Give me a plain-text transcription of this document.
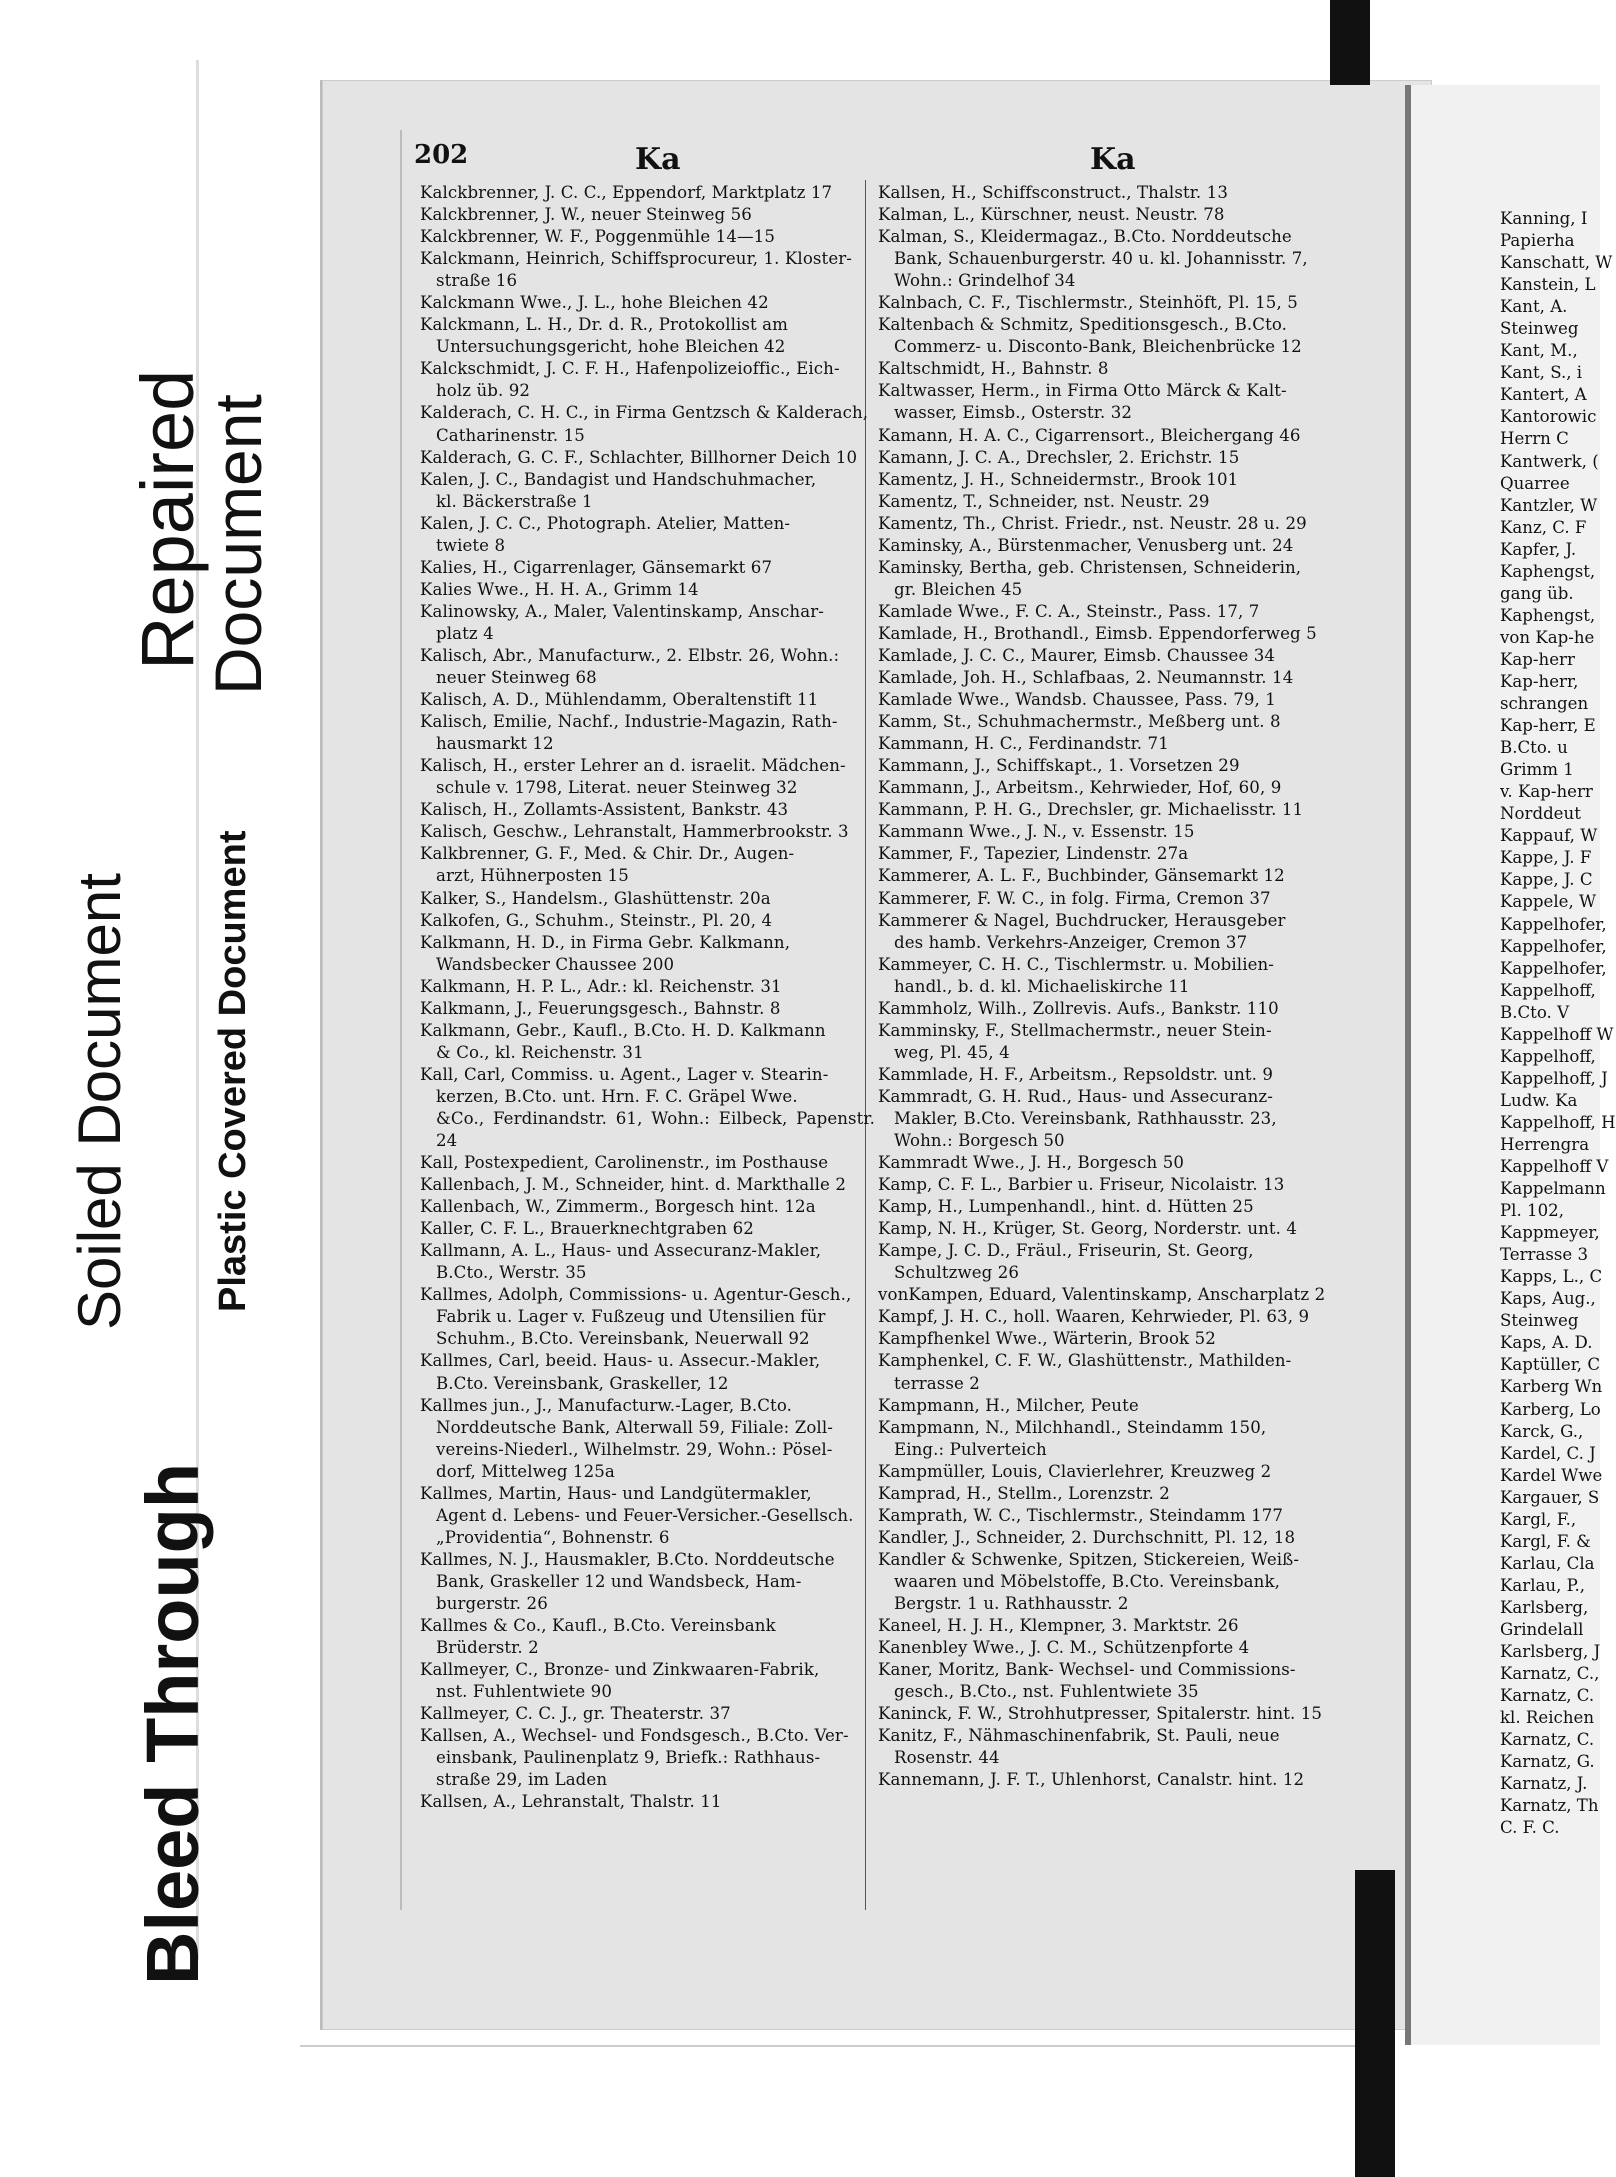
Bleed Through
Soiled Document Plastic Covered Document
Repaired
Document
202	Ka	Ka
Kalckbrenner, J. C. C., Eppendorf, Marktplatz 17
Kalckbrenner, J. W., neuer Steinweg 56
Kalckbrenner, W. F., Poggenmühle 14—15
Kalckmann, Heinrich, Schiffsprocureur, 1. Kloster-
straße 16
Kalckmann Wwe., J. L., hohe Bleichen 42
Kalckmann, L. H., Dr. d. R., Protokollist am
Untersuchungsgericht, hohe Bleichen 42
Kalckschmidt, J. C. F. H., Hafenpolizeioffic., Eich-
holz üb. 92
Kalderach, C. H. C., in Firma Gentzsch & Kalderach,
Catharinenstr. 15
Kalderach, G. C. F., Schlachter, Billhorner Deich 10
Kalen, J. C., Bandagist und Handschuhmacher,
kl. Bäckerstraße 1
Kalen, J. C. C., Photograph. Atelier, Matten-
twiete 8
Kalies, H., Cigarrenlager, Gänsemarkt 67
Kalies Wwe., H. H. A., Grimm 14
Kalinowsky, A., Maler, Valentinskamp, Anschar-
platz 4
Kalisch, Abr., Manufacturw., 2. Elbstr. 26, Wohn.:
neuer Steinweg 68
Kalisch, A. D., Mühlendamm, Oberaltenstift 11
Kalisch, Emilie, Nachf., Industrie-Magazin, Rath-
hausmarkt 12
Kalisch, H., erster Lehrer an d. israelit. Mädchen-
schule v. 1798, Literat. neuer Steinweg 32
Kalisch, H., Zollamts-Assistent, Bankstr. 43
Kalisch, Geschw., Lehranstalt, Hammerbrookstr. 3
Kalkbrenner, G. F., Med. & Chir. Dr., Augen-
arzt, Hühnerposten 15
Kalker, S., Handelsm., Glashüttenstr. 20a
Kalkofen, G., Schuhm., Steinstr., Pl. 20, 4
Kalkmann, H. D., in Firma Gebr. Kalkmann,
Wandsbecker Chaussee 200
Kalkmann, H. P. L., Adr.: kl. Reichenstr. 31
Kalkmann, J., Feuerungsgesch., Bahnstr. 8
Kalkmann, Gebr., Kaufl., B.Cto. H. D. Kalkmann
& Co., kl. Reichenstr. 31
Kall, Carl, Commiss. u. Agent., Lager v. Stearin-
kerzen, B.Cto. unt. Hrn. F. C. Gräpel Wwe.
&Co., Ferdinandstr. 61, Wohn.: Eilbeck, Papenstr. 24
Kall, Postexpedient, Carolinenstr., im Posthause
Kallenbach, J. M., Schneider, hint. d. Markthalle 2
Kallenbach, W., Zimmerm., Borgesch hint. 12a
Kaller, C. F. L., Brauerknechtgraben 62
Kallmann, A. L., Haus- und Assecuranz-Makler,
B.Cto., Werstr. 35
Kallmes, Adolph, Commissions- u. Agentur-Gesch.,
Fabrik u. Lager v. Fußzeug und Utensilien für
Schuhm., B.Cto. Vereinsbank, Neuerwall 92
Kallmes, Carl, beeid. Haus- u. Assecur.-Makler,
B.Cto. Vereinsbank, Graskeller, 12
Kallmes jun., J., Manufacturw.-Lager, B.Cto.
Norddeutsche Bank, Alterwall 59, Filiale: Zoll-
vereins-Niederl., Wilhelmstr. 29, Wohn.: Pösel-
dorf, Mittelweg 125a
Kallmes, Martin, Haus- und Landgütermakler,
Agent d. Lebens- und Feuer-Versicher.-Gesellsch.
„Providentia“, Bohnenstr. 6
Kallmes, N. J., Hausmakler, B.Cto. Norddeutsche
Bank, Graskeller 12 und Wandsbeck, Ham-
burgerstr. 26
Kallmes & Co., Kaufl., B.Cto. Vereinsbank
Brüderstr. 2
Kallmeyer, C., Bronze- und Zinkwaaren-Fabrik,
nst. Fuhlentwiete 90
Kallmeyer, C. C. J., gr. Theaterstr. 37
Kallsen, A., Wechsel- und Fondsgesch., B.Cto. Ver-
einsbank, Paulinenplatz 9, Briefk.: Rathhaus-
straße 29, im Laden
Kallsen, A., Lehranstalt, Thalstr. 11
Kallsen, H., Schiffsconstruct., Thalstr. 13
Kalman, L., Kürschner, neust. Neustr. 78
Kalman, S., Kleidermagaz., B.Cto. Norddeutsche
Bank, Schauenburgerstr. 40 u. kl. Johannisstr. 7,
Wohn.: Grindelhof 34
Kalnbach, C. F., Tischlermstr., Steinhöft, Pl. 15, 5
Kaltenbach & Schmitz, Speditionsgesch., B.Cto.
Commerz- u. Disconto-Bank, Bleichenbrücke 12
Kaltschmidt, H., Bahnstr. 8
Kaltwasser, Herm., in Firma Otto Märck & Kalt-
wasser, Eimsb., Osterstr. 32
Kamann, H. A. C., Cigarrensort., Bleichergang 46
Kamann, J. C. A., Drechsler, 2. Erichstr. 15
Kamentz, J. H., Schneidermstr., Brook 101
Kamentz, T., Schneider, nst. Neustr. 29
Kamentz, Th., Christ. Friedr., nst. Neustr. 28 u. 29
Kaminsky, A., Bürstenmacher, Venusberg unt. 24
Kaminsky, Bertha, geb. Christensen, Schneiderin,
gr. Bleichen 45
Kamlade Wwe., F. C. A., Steinstr., Pass. 17, 7
Kamlade, H., Brothandl., Eimsb. Eppendorferweg 5
Kamlade, J. C. C., Maurer, Eimsb. Chaussee 34
Kamlade, Joh. H., Schlafbaas, 2. Neumannstr. 14
Kamlade Wwe., Wandsb. Chaussee, Pass. 79, 1
Kamm, St., Schuhmachermstr., Meßberg unt. 8
Kammann, H. C., Ferdinandstr. 71
Kammann, J., Schiffskapt., 1. Vorsetzen 29
Kammann, J., Arbeitsm., Kehrwieder, Hof, 60, 9
Kammann, P. H. G., Drechsler, gr. Michaelisstr. 11
Kammann Wwe., J. N., v. Essenstr. 15
Kammer, F., Tapezier, Lindenstr. 27a
Kammerer, A. L. F., Buchbinder, Gänsemarkt 12
Kammerer, F. W. C., in folg. Firma, Cremon 37
Kammerer & Nagel, Buchdrucker, Herausgeber
des hamb. Verkehrs-Anzeiger, Cremon 37
Kammeyer, C. H. C., Tischlermstr. u. Mobilien-
handl., b. d. kl. Michaeliskirche 11
Kammholz, Wilh., Zollrevis. Aufs., Bankstr. 110
Kamminsky, F., Stellmachermstr., neuer Stein-
weg, Pl. 45, 4
Kammlade, H. F., Arbeitsm., Repsoldstr. unt. 9
Kammradt, G. H. Rud., Haus- und Assecuranz-
Makler, B.Cto. Vereinsbank, Rathhausstr. 23,
Wohn.: Borgesch 50
Kammradt Wwe., J. H., Borgesch 50
Kamp, C. F. L., Barbier u. Friseur, Nicolaistr. 13
Kamp, H., Lumpenhandl., hint. d. Hütten 25
Kamp, N. H., Krüger, St. Georg, Norderstr. unt. 4
Kampe, J. C. D., Fräul., Friseurin, St. Georg,
Schultzweg 26
vonKampen, Eduard, Valentinskamp, Anscharplatz 2
Kampf, J. H. C., holl. Waaren, Kehrwieder, Pl. 63, 9
Kampfhenkel Wwe., Wärterin, Brook 52
Kamphenkel, C. F. W., Glashüttenstr., Mathilden-
terrasse 2
Kampmann, H., Milcher, Peute
Kampmann, N., Milchhandl., Steindamm 150,
Eing.: Pulverteich
Kampmüller, Louis, Clavierlehrer, Kreuzweg 2
Kamprad, H., Stellm., Lorenzstr. 2
Kamprath, W. C., Tischlermstr., Steindamm 177
Kandler, J., Schneider, 2. Durchschnitt, Pl. 12, 18
Kandler & Schwenke, Spitzen, Stickereien, Weiß-
waaren und Möbelstoffe, B.Cto. Vereinsbank,
Bergstr. 1 u. Rathhausstr. 2
Kaneel, H. J. H., Klempner, 3. Marktstr. 26
Kanenbley Wwe., J. C. M., Schützenpforte 4
Kaner, Moritz, Bank- Wechsel- und Commissions-
gesch., B.Cto., nst. Fuhlentwiete 35
Kaninck, F. W., Strohhutpresser, Spitalerstr. hint. 15
Kanitz, F., Nähmaschinenfabrik, St. Pauli, neue
Rosenstr. 44
Kannemann, J. F. T., Uhlenhorst, Canalstr. hint. 12
Kanning, I
Papierha
Kanschatt, W
Kanstein, L
Kant, A.
Steinweg
Kant, M.,
Kant, S., i
Kantert, A
Kantorowic
Herrn C
Kantwerk, (
Quarree
Kantzler, W
Kanz, C. F
Kapfer, J.
Kaphengst,
gang üb.
Kaphengst,
von Kap-he
Kap-herr
Kap-herr,
schrangen
Kap-herr, E
B.Cto. u
Grimm 1
v. Kap-herr
Norddeut
Kappauf, W
Kappe, J. F
Kappe, J. C
Kappele, W
Kappelhofer,
Kappelhofer,
Kappelhofer,
Kappelhoff,
B.Cto. V
Kappelhoff W
Kappelhoff,
Kappelhoff, J
Ludw. Ka
Kappelhoff, H
Herrengra
Kappelhoff V
Kappelmann
Pl. 102,
Kappmeyer,
Terrasse 3
Kapps, L., C
Kaps, Aug.,
Steinweg
Kaps, A. D.
Kaptüller, C
Karberg Wn
Karberg, Lo
Karck, G.,
Kardel, C. J
Kardel Wwe
Kargauer, S
Kargl, F.,
Kargl, F. &
Karlau, Cla
Karlau, P.,
Karlsberg,
Grindelall
Karlsberg, J
Karnatz, C.,
Karnatz, C.
kl. Reichen
Karnatz, C.
Karnatz, G.
Karnatz, J.
Karnatz, Th
C. F. C.
